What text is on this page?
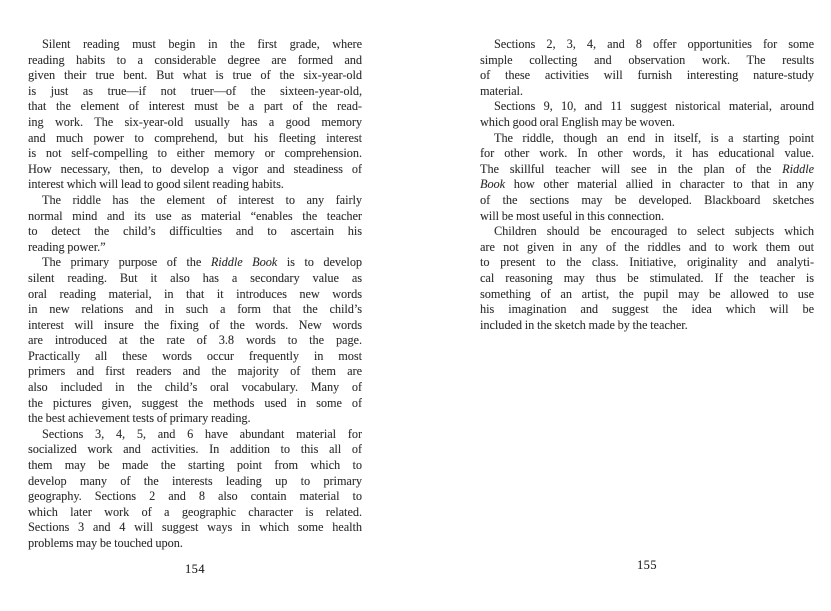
Silent reading must begin in the first grade, where
reading habits to a considerable degree are formed and
given their true bent. But what is true of the six-year-old
is just as true—if not truer—of the sixteen-year-old,
that the element of interest must be a part of the read-
ing work. The six-year-old usually has a good memory
and much power to comprehend, but his fleeting interest
is not self-compelling to either memory or comprehension.
How necessary, then, to develop a vigor and steadiness of
interest which will lead to good silent reading habits.
The riddle has the element of interest to any fairly
normal mind and its use as material “enables the teacher
to detect the child’s difficulties and to ascertain his
reading power.”
The primary purpose of the Riddle Book is to develop
silent reading. But it also has a secondary value as
oral reading material, in that it introduces new words
in new relations and in such a form that the child’s
interest will insure the fixing of the words. New words
are introduced at the rate of 3.8 words to the page.
Practically all these words occur frequently in most
primers and first readers and the majority of them are
also included in the child’s oral vocabulary. Many of
the pictures given, suggest the methods used in some of
the best achievement tests of primary reading.
Sections 3, 4, 5, and 6 have abundant material for
socialized work and activities. In addition to this all of
them may be made the starting point from which to
develop many of the interests leading up to primary
geography. Sections 2 and 8 also contain material to
which later work of a geographic character is related.
Sections 3 and 4 will suggest ways in which some health
problems may be touched upon.
Sections 2, 3, 4, and 8 offer opportunities for some
simple collecting and observation work. The results
of these activities will furnish interesting nature-study
material.
Sections 9, 10, and 11 suggest nistorical material, around
which good oral English may be woven.
The riddle, though an end in itself, is a starting point
for other work. In other words, it has educational value.
The skillful teacher will see in the plan of the Riddle
Book how other material allied in character to that in any
of the sections may be developed. Blackboard sketches
will be most useful in this connection.
Children should be encouraged to select subjects which
are not given in any of the riddles and to work them out
to present to the class. Initiative, originality and analyti-
cal reasoning may thus be stimulated. If the teacher is
something of an artist, the pupil may be allowed to use
his imagination and suggest the idea which will be
included in the sketch made by the teacher.
154	155
